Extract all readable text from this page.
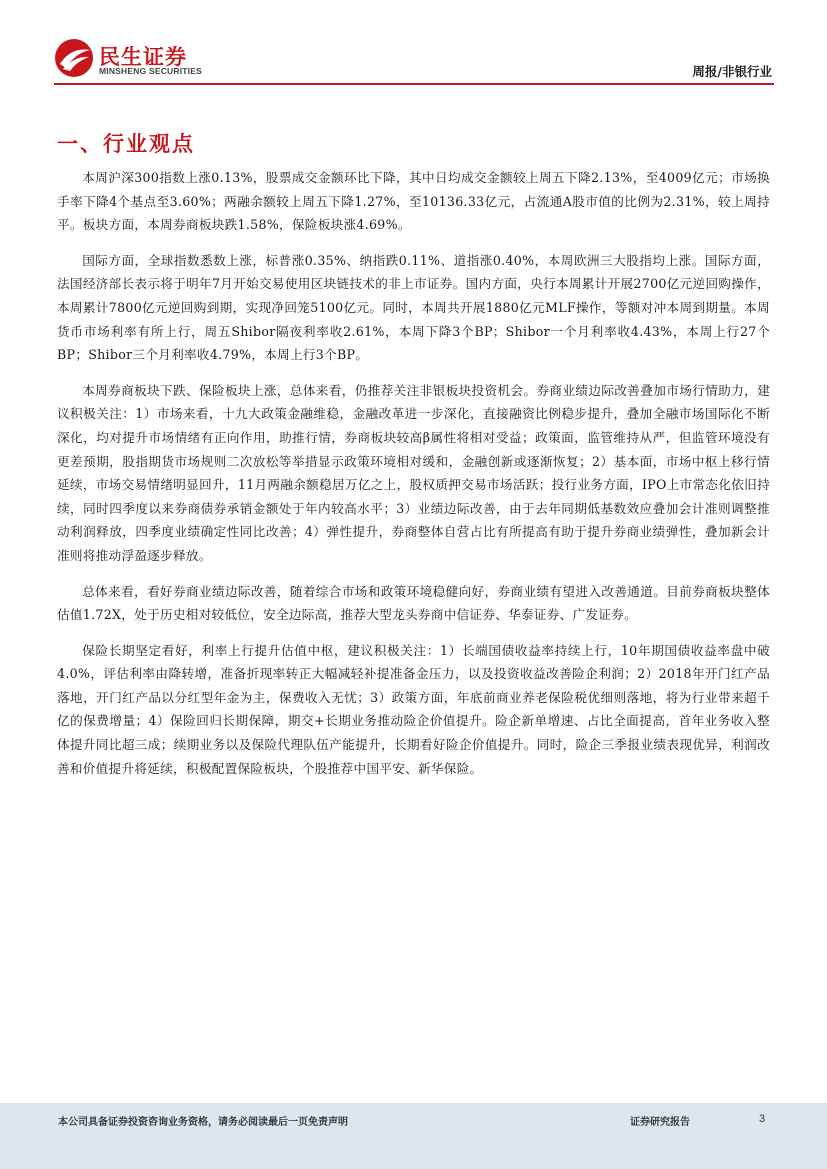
民生证券
MINSHENG SECURITIES	周报/非银行业
一、行业观点

本周沪深300指数上涨0.13%，股票成交金额环比下降，其中日均成交金额较上周五下降2.13%，至4009亿元；市场换手率下降4个基点至3.60%；两融余额较上周五下降1.27%，至10136.33亿元，占流通A股市值的比例为2.31%，较上周持平。板块方面，本周券商板块跌1.58%，保险板块涨4.69%。

国际方面，全球指数悉数上涨，标普涨0.35%、纳指跌0.11%、道指涨0.40%，本周欧洲三大股指均上涨。国际方面，法国经济部长表示将于明年7月开始交易使用区块链技术的非上市证券。国内方面，央行本周累计开展2700亿元逆回购操作，本周累计7800亿元逆回购到期，实现净回笼5100亿元。同时，本周共开展1880亿元MLF操作，等额对冲本周到期量。本周货币市场利率有所上行，周五Shibor隔夜利率收2.61%，本周下降3个BP；Shibor一个月利率收4.43%，本周上行27个BP；Shibor三个月利率收4.79%，本周上行3个BP。

本周券商板块下跌、保险板块上涨，总体来看，仍推荐关注非银板块投资机会。券商业绩边际改善叠加市场行情助力，建议积极关注：1）市场来看，十九大政策金融维稳，金融改革进一步深化，直接融资比例稳步提升，叠加全融市场国际化不断深化，均对提升市场情绪有正向作用，助推行情，券商板块较高β属性将相对受益；政策面，监管维持从严，但监管环境没有更差预期，股指期货市场规则二次放松等举措显示政策环境相对缓和，金融创新或逐渐恢复；2）基本面，市场中枢上移行情延续，市场交易情绪明显回升，11月两融余额稳居万亿之上，股权质押交易市场活跃；投行业务方面，IPO上市常态化依旧持续，同时四季度以来券商债券承销金额处于年内较高水平；3）业绩边际改善，由于去年同期低基数效应叠加会计准则调整推动利润释放，四季度业绩确定性同比改善；4）弹性提升，券商整体自营占比有所提高有助于提升券商业绩弹性，叠加新会计准则将推动浮盈逐步释放。

总体来看，看好券商业绩边际改善，随着综合市场和政策环境稳健向好，券商业绩有望进入改善通道。目前券商板块整体估值1.72X，处于历史相对较低位，安全边际高，推荐大型龙头券商中信证券、华泰证券、广发证券。

保险长期坚定看好，利率上行提升估值中枢，建议积极关注：1）长端国债收益率持续上行，10年期国债收益率盘中破4.0%，评估利率由降转增，准备折现率转正大幅减轻补提准备金压力，以及投资收益改善险企利润；2）2018年开门红产品落地，开门红产品以分红型年金为主，保费收入无忧；3）政策方面，年底前商业养老保险税优细则落地，将为行业带来超千亿的保费增量；4）保险回归长期保障，期交+长期业务推动险企价值提升。险企新单增速、占比全面提高，首年业务收入整体提升同比超三成；续期业务以及保险代理队伍产能提升，长期看好险企价值提升。同时，险企三季报业绩表现优异，利润改善和价值提升将延续，积极配置保险板块，个股推荐中国平安、新华保险。

本公司具备证券投资咨询业务资格，请务必阅读最后一页免责声明	证券研究报告	3
